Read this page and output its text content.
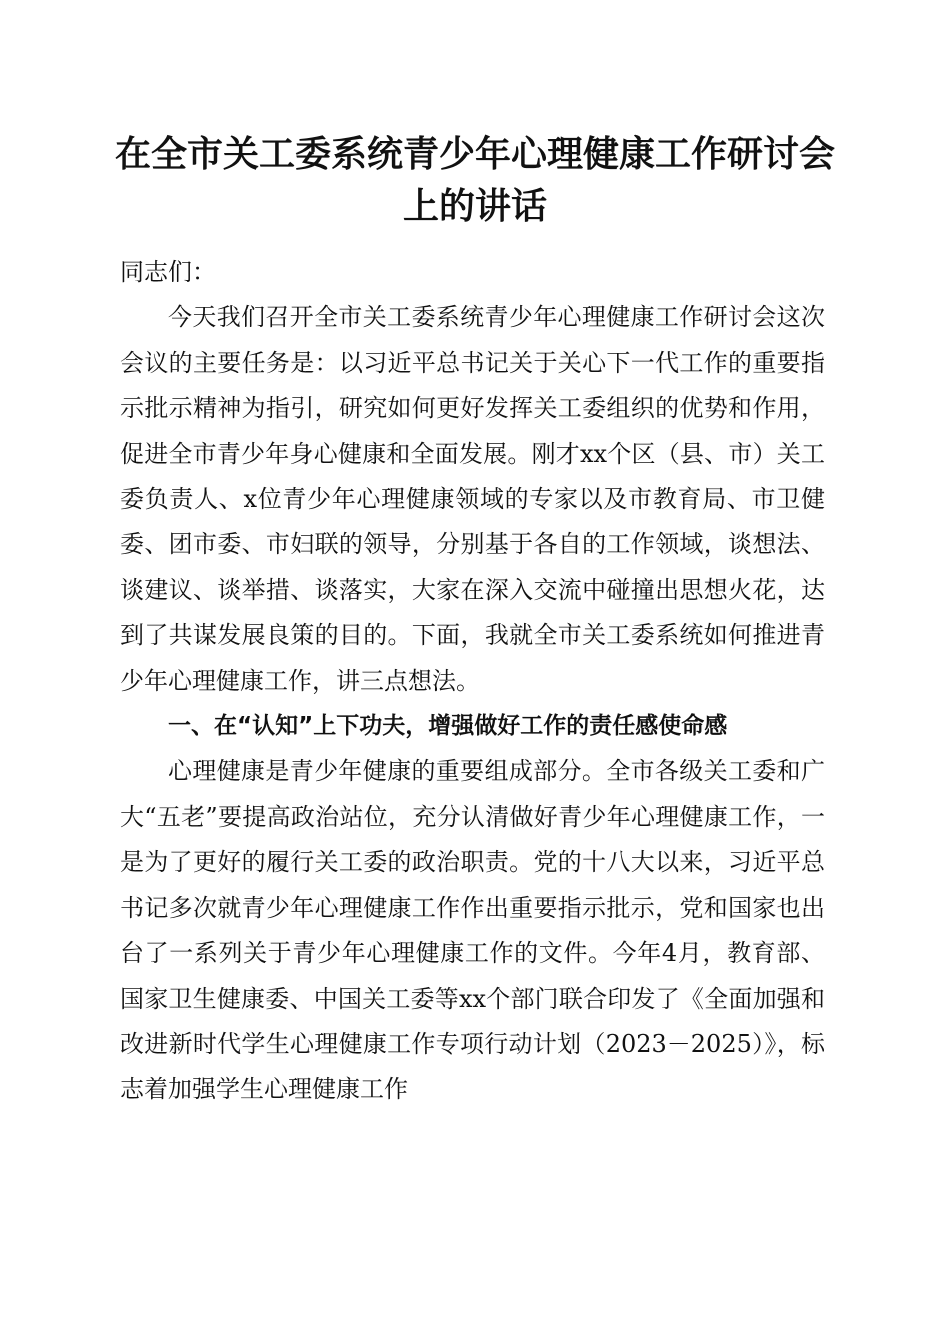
在全市关工委系统青少年心理健康工作研讨会
上的讲话

同志们：

今天我们召开全市关工委系统青少年心理健康工作研讨会这次会议的主要任务是：以习近平总书记关于关心下一代工作的重要指示批示精神为指引，研究如何更好发挥关工委组织的优势和作用，促进全市青少年身心健康和全面发展。刚才xx个区（县、市）关工委负责人、x位青少年心理健康领域的专家以及市教育局、市卫健委、团市委、市妇联的领导，分别基于各自的工作领域，谈想法、谈建议、谈举措、谈落实，大家在深入交流中碰撞出思想火花，达到了共谋发展良策的目的。下面，我就全市关工委系统如何推进青少年心理健康工作，讲三点想法。

一、在“认知”上下功夫，增强做好工作的责任感使命感

心理健康是青少年健康的重要组成部分。全市各级关工委和广大“五老”要提高政治站位，充分认清做好青少年心理健康工作，一是为了更好的履行关工委的政治职责。党的十八大以来，习近平总书记多次就青少年心理健康工作作出重要指示批示，党和国家也出台了一系列关于青少年心理健康工作的文件。今年4月，教育部、国家卫生健康委、中国关工委等xx个部门联合印发了《全面加强和改进新时代学生心理健康工作专项行动计划（2023－2025）》，标志着加强学生心理健康工作
